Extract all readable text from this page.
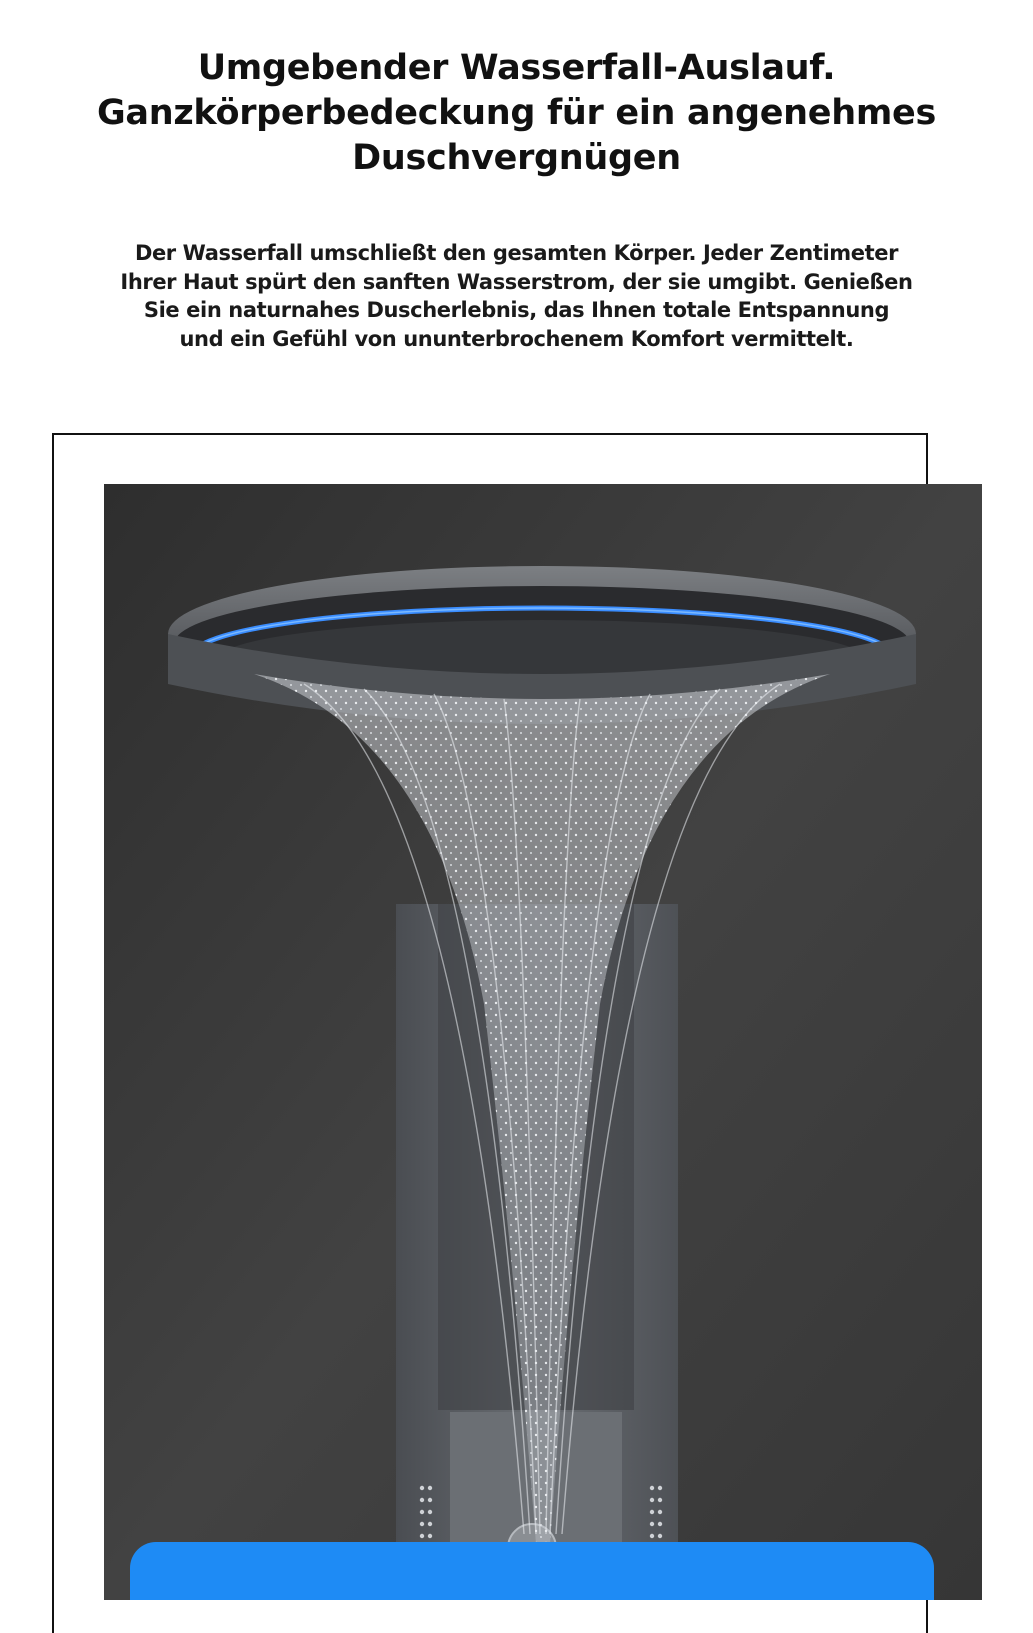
Umgebender Wasserfall-Auslauf.
Ganzkörperbedeckung für ein angenehmes
Duschvergnügen
Der Wasserfall umschließt den gesamten Körper. Jeder Zentimeter
Ihrer Haut spürt den sanften Wasserstrom, der sie umgibt. Genießen
Sie ein naturnahes Duscherlebnis, das Ihnen totale Entspannung
und ein Gefühl von ununterbrochenem Komfort vermittelt.
